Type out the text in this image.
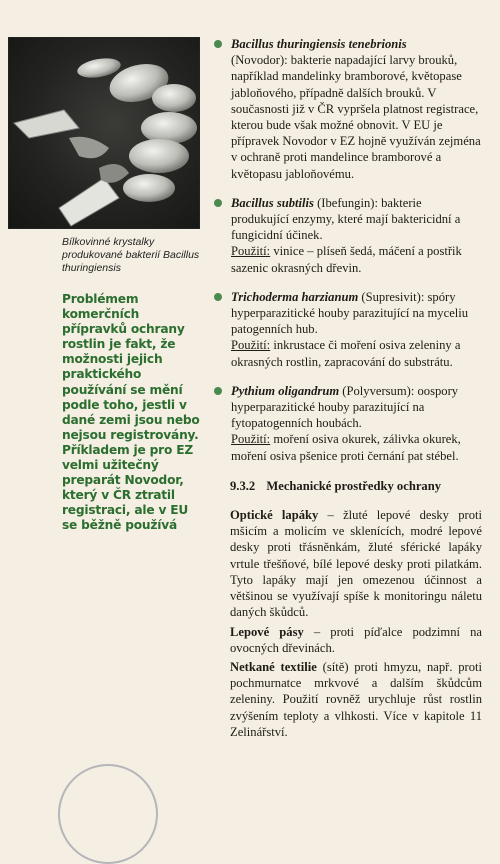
Bílkovinné krystalky produkované bakterií Bacillus thuringiensis
Problémem komerčních přípravků ochrany rostlin je fakt, že možnosti jejich praktického používání se mění podle toho, jestli v dané zemi jsou nebo nejsou registrovány. Příkladem je pro EZ velmi užitečný preparát Novodor, který v ČR ztratil registraci, ale v EU se běžně používá

Bacillus thuringiensis tenebrionis
(Novodor): bakterie napadající larvy brouků, například mandelinky bramborové, květopase jabloňového, případně dalších brouků. V současnosti již v ČR vypršela platnost registrace, kterou bude však možné obnovit. V EU je přípravek Novodor v EZ hojně využíván zejména v ochraně proti mandelince bramborové a květopasu jabloňovému.

Bacillus subtilis (Ibefungin): bakterie produkující enzymy, které mají baktericidní a fungicidní účinek.
Použití: vinice – plíseň šedá, máčení a postřik sazenic okrasných dřevin.

Trichoderma harzianum (Supresivit): spóry hyperparazitické houby parazitující na myceliu patogenních hub.
Použití: inkrustace či moření osiva zeleniny a okrasných rostlin, zapracování do substrátu.

Pythium oligandrum (Polyversum): oospory hyperparazitické houby parazitující na fytopatogenních houbách.
Použití: moření osiva okurek, zálivka okurek, moření osiva pšenice proti černání pat stébel.

9.3.2 Mechanické prostředky ochrany

Optické lapáky – žluté lepové desky proti mšicím a molicím ve sklenících, modré lepové desky proti třásněnkám, žluté sférické lapáky vrtule třešňové, bílé lepové desky proti pilatkám. Tyto lapáky mají jen omezenou účinnost a většinou se využívají spíše k monitoringu náletu daných škůdců.

Lepové pásy – proti píďalce podzimní na ovocných dřevinách.

Netkané textilie (sítě) proti hmyzu, např. proti pochmurnatce mrkvové a dalším škůdcům zeleniny. Použití rovněž urychluje růst rostlin zvýšením teploty a vlhkosti. Více v kapitole 11 Zelinářství.
